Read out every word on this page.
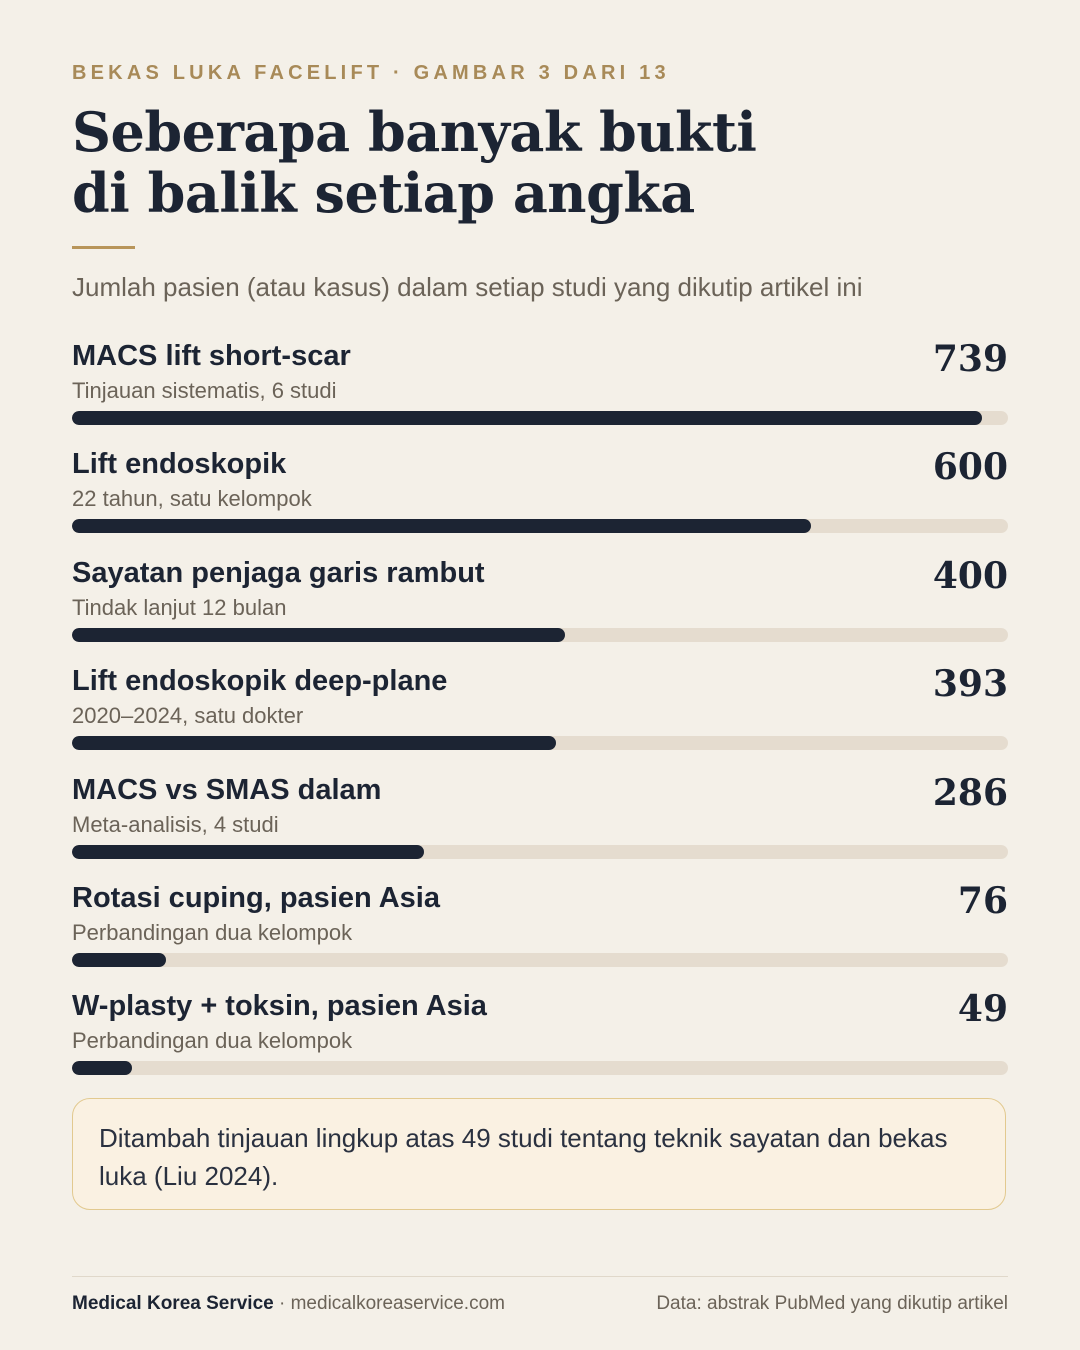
BEKAS LUKA FACELIFT · GAMBAR 3 DARI 13
Seberapa banyak bukti
di balik setiap angka
Jumlah pasien (atau kasus) dalam setiap studi yang dikutip artikel ini
MACS lift short-scar
Tinjauan sistematis, 6 studi
739
Lift endoskopik
22 tahun, satu kelompok
600
Sayatan penjaga garis rambut
Tindak lanjut 12 bulan
400
Lift endoskopik deep-plane
2020–2024, satu dokter
393
MACS vs SMAS dalam
Meta-analisis, 4 studi
286
Rotasi cuping, pasien Asia
Perbandingan dua kelompok
76
W-plasty + toksin, pasien Asia
Perbandingan dua kelompok
49
Ditambah tinjauan lingkup atas 49 studi tentang teknik sayatan dan bekas luka (Liu 2024).
Medical Korea Service · medicalkoreaservice.com	Data: abstrak PubMed yang dikutip artikel
